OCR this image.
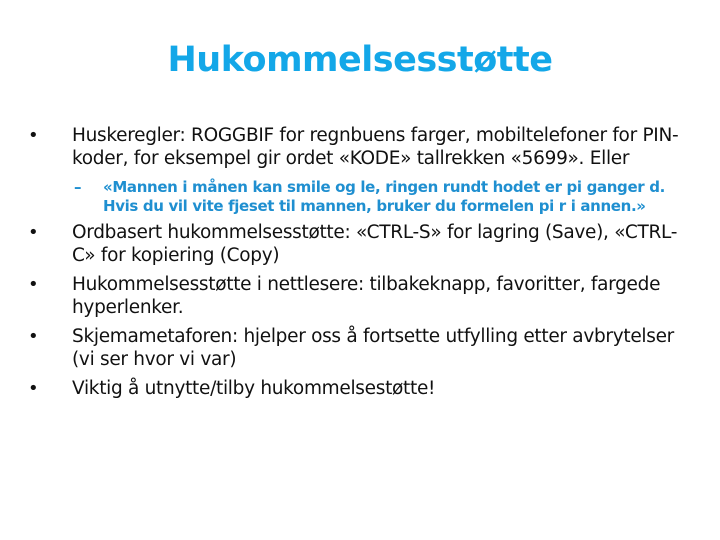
Hukommelsesstøtte
•	Huskeregler: ROGGBIF for regnbuens farger, mobiltelefoner for PIN-koder, for eksempel gir ordet «KODE» tallrekken «5699». Eller
– «Mannen i månen kan smile og le, ringen rundt hodet er pi ganger d. Hvis du vil vite fjeset til mannen, bruker du formelen pi r i annen.»
•	Ordbasert hukommelsesstøtte: «CTRL-S» for lagring (Save), «CTRL-C» for kopiering (Copy)
•	Hukommelsesstøtte i nettlesere: tilbakeknapp, favoritter, fargede hyperlenker.
•	Skjemametaforen: hjelper oss å fortsette utfylling etter avbrytelser (vi ser hvor vi var)
•	Viktig å utnytte/tilby hukommelsestøtte!
